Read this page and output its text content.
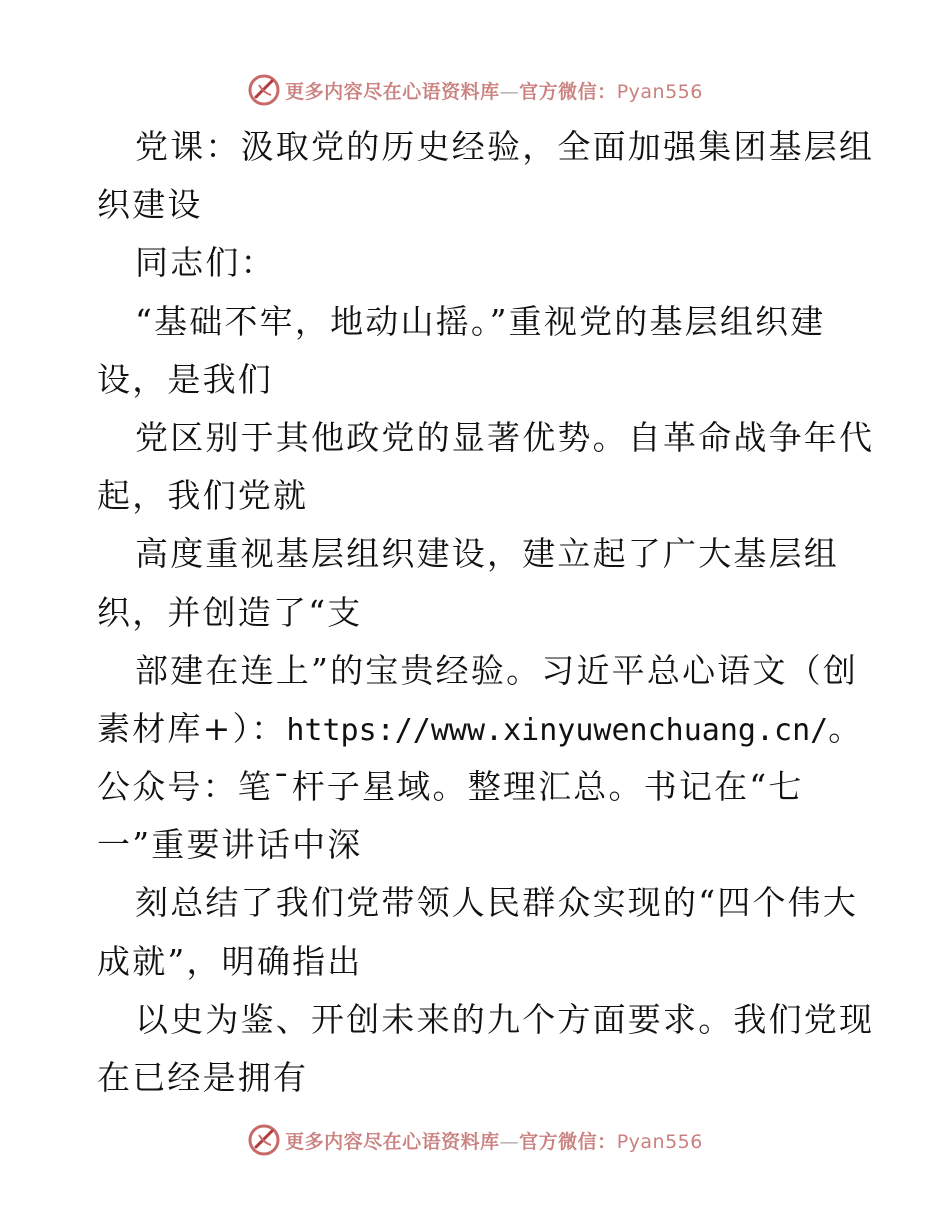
更多内容尽在心语资料库—官方微信：Pyan556
党课：汲取党的历史经验，全面加强集团基层组
织建设
同志们：
“基础不牢，地动山摇。”重视党的基层组织建
设，是我们
党区别于其他政党的显著优势。自革命战争年代
起，我们党就
高度重视基层组织建设，建立起了广大基层组
织，并创造了“支
部建在连上”的宝贵经验。习近平总心语文（创
素材库+）：https://www.xinyuwenchuang.cn/。
公众号：笔¯杆子星域。整理汇总。书记在“七
一”重要讲话中深
刻总结了我们党带领人民群众实现的“四个伟大
成就”，明确指出
以史为鉴、开创未来的九个方面要求。我们党现
在已经是拥有
更多内容尽在心语资料库—官方微信：Pyan556
